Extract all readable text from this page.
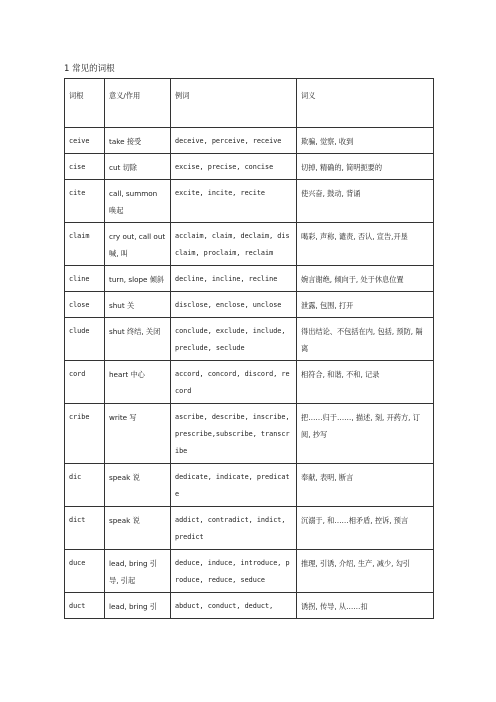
1 常见的词根
词根	意义/作用	例词	词义
ceive	take 接受	deceive, perceive, receive	欺骗, 觉察, 收到
cise	cut 切除	excise, precise, concise	切掉, 精确的, 简明扼要的
cite	call, summon 唤起	excite, incite, recite	使兴奋, 鼓动, 背诵
claim	cry out, call out 喊, 叫	acclaim, claim, declaim, disclaim, proclaim, reclaim	喝彩, 声称, 谴责, 否认, 宣告,开垦
cline	turn, slope 倾斜	decline, incline, recline	婉言谢绝, 倾向于, 处于休息位置
close	shut 关	disclose, enclose, unclose	泄露, 包围, 打开
clude	shut 终结, 关闭	conclude, exclude, include, preclude, seclude	得出结论、不包括在内, 包括, 预防, 隔离
cord	heart 中心	accord, concord, discord, record	相符合, 和谐, 不和, 记录
cribe	write 写	ascribe, describe, inscribe, prescribe,subscribe, transcribe	把……归于……, 描述, 刻, 开药方, 订阅, 抄写
dic	speak 说	dedicate, indicate, predicate	奉献, 表明, 断言
dict	speak 说	addict, contradict, indict, predict	沉溺于, 和……相矛盾, 控诉, 预言
duce	lead, bring 引导, 引起	deduce, induce, introduce, produce, reduce, seduce	推理, 引诱, 介绍, 生产, 减少, 勾引
duct	lead, bring 引	abduct, conduct, deduct,	诱拐, 传导, 从……扣
